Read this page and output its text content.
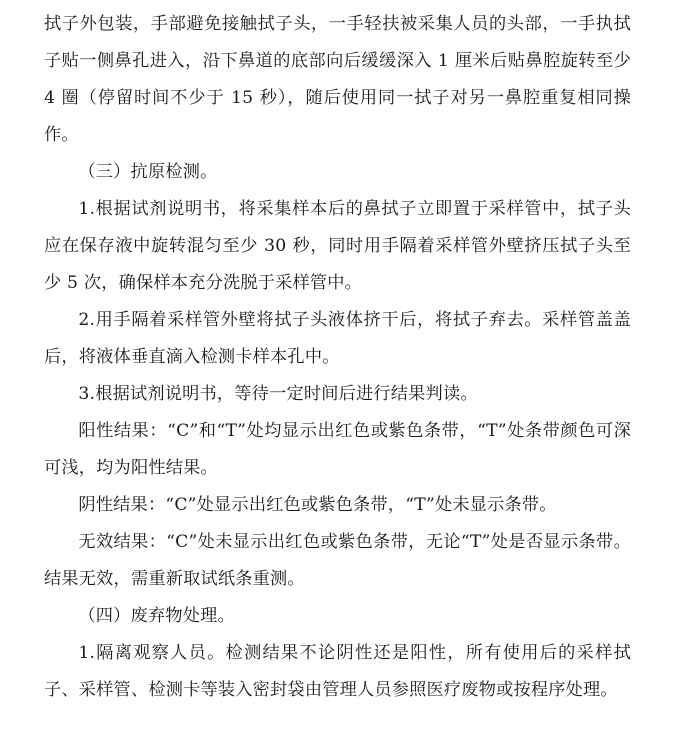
拭子外包装，手部避免接触拭子头，一手轻扶被采集人员的头部，一手执拭子贴一侧鼻孔进入，沿下鼻道的底部向后缓缓深入 1 厘米后贴鼻腔旋转至少 4 圈（停留时间不少于 15 秒），随后使用同一拭子对另一鼻腔重复相同操作。

（三）抗原检测。

1.根据试剂说明书，将采集样本后的鼻拭子立即置于采样管中，拭子头应在保存液中旋转混匀至少 30 秒，同时用手隔着采样管外壁挤压拭子头至少 5 次，确保样本充分洗脱于采样管中。

2.用手隔着采样管外壁将拭子头液体挤干后，将拭子弃去。采样管盖盖后，将液体垂直滴入检测卡样本孔中。

3.根据试剂说明书，等待一定时间后进行结果判读。

阳性结果：“C”和“T”处均显示出红色或紫色条带，“T”处条带颜色可深可浅，均为阳性结果。

阴性结果：“C”处显示出红色或紫色条带，“T”处未显示条带。

无效结果：“C”处未显示出红色或紫色条带，无论“T”处是否显示条带。结果无效，需重新取试纸条重测。

（四）废弃物处理。

1.隔离观察人员。检测结果不论阴性还是阳性，所有使用后的采样拭子、采样管、检测卡等装入密封袋由管理人员参照医疗废物或按程序处理。
